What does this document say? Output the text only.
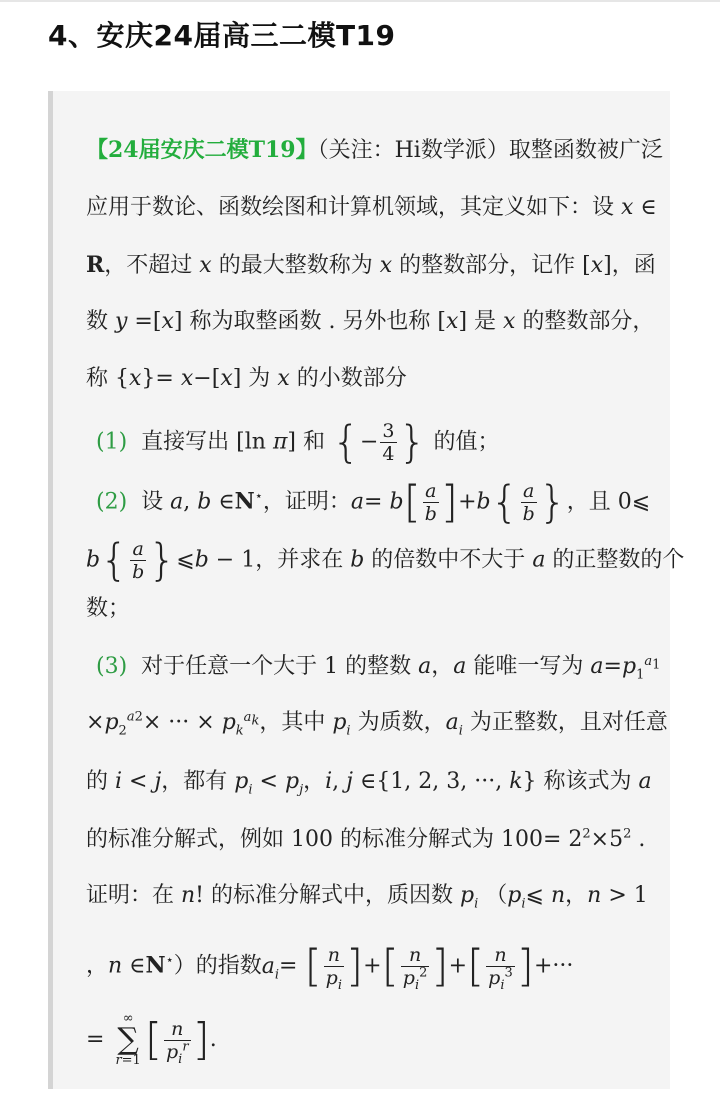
4、安庆24届高三二模T19
【24届安庆二模T19】（关注：Hi数学派）取整函数被广泛
应用于数论、函数绘图和计算机领域，其定义如下：设 x ∈
R，不超过 x 的最大整数称为 x 的整数部分，记作 [x]，函
数 y =[x] 称为取整函数 . 另外也称 [x] 是 x 的整数部分，
称 {x}= x−[x] 为 x 的小数部分
(1)  直接写出 [ln π] 和 {− $\frac{3}{4}$ } 的值；
(2)  设 a, b ∈N⋆，证明：$a= b[ \frac{a}{b} ]+b\{ \frac{a}{b}$ }，且 0⩽
$b\{ \frac{a}{b}$ }⩽b − 1，并求在 b 的倍数中不大于 a 的正整数的个
数；
(3)  对于任意一个大于 1 的整数 a，a 能唯一写为 $a=p_1^{a_1}$
$\times p_2^{a2}\times$ ··· × $p_k^{a_k}$，其中 $p_i$ 为质数，$a_i$ 为正整数，且对任意
的 i < j，都有 $p_i < p_j$，i, j ∈{1, 2, 3, ···, k} 称该式为 a
的标准分解式，例如 100 的标准分解式为 $100= 2^2\times 5^2$ .
证明：在 n! 的标准分解式中，质因数 $p_i$ （$p_i⩽$ n，n > 1
，n ∈N⋆）的指数$a_i=$ [ $\frac{n}{p_i}$ ]+[ $\frac{n}{p_i^2}$ ]+[ $\frac{n}{p_i^3}$ ]+···
= ∞
∑
$r=1[ \frac{n}{p_i^r}$ ].
